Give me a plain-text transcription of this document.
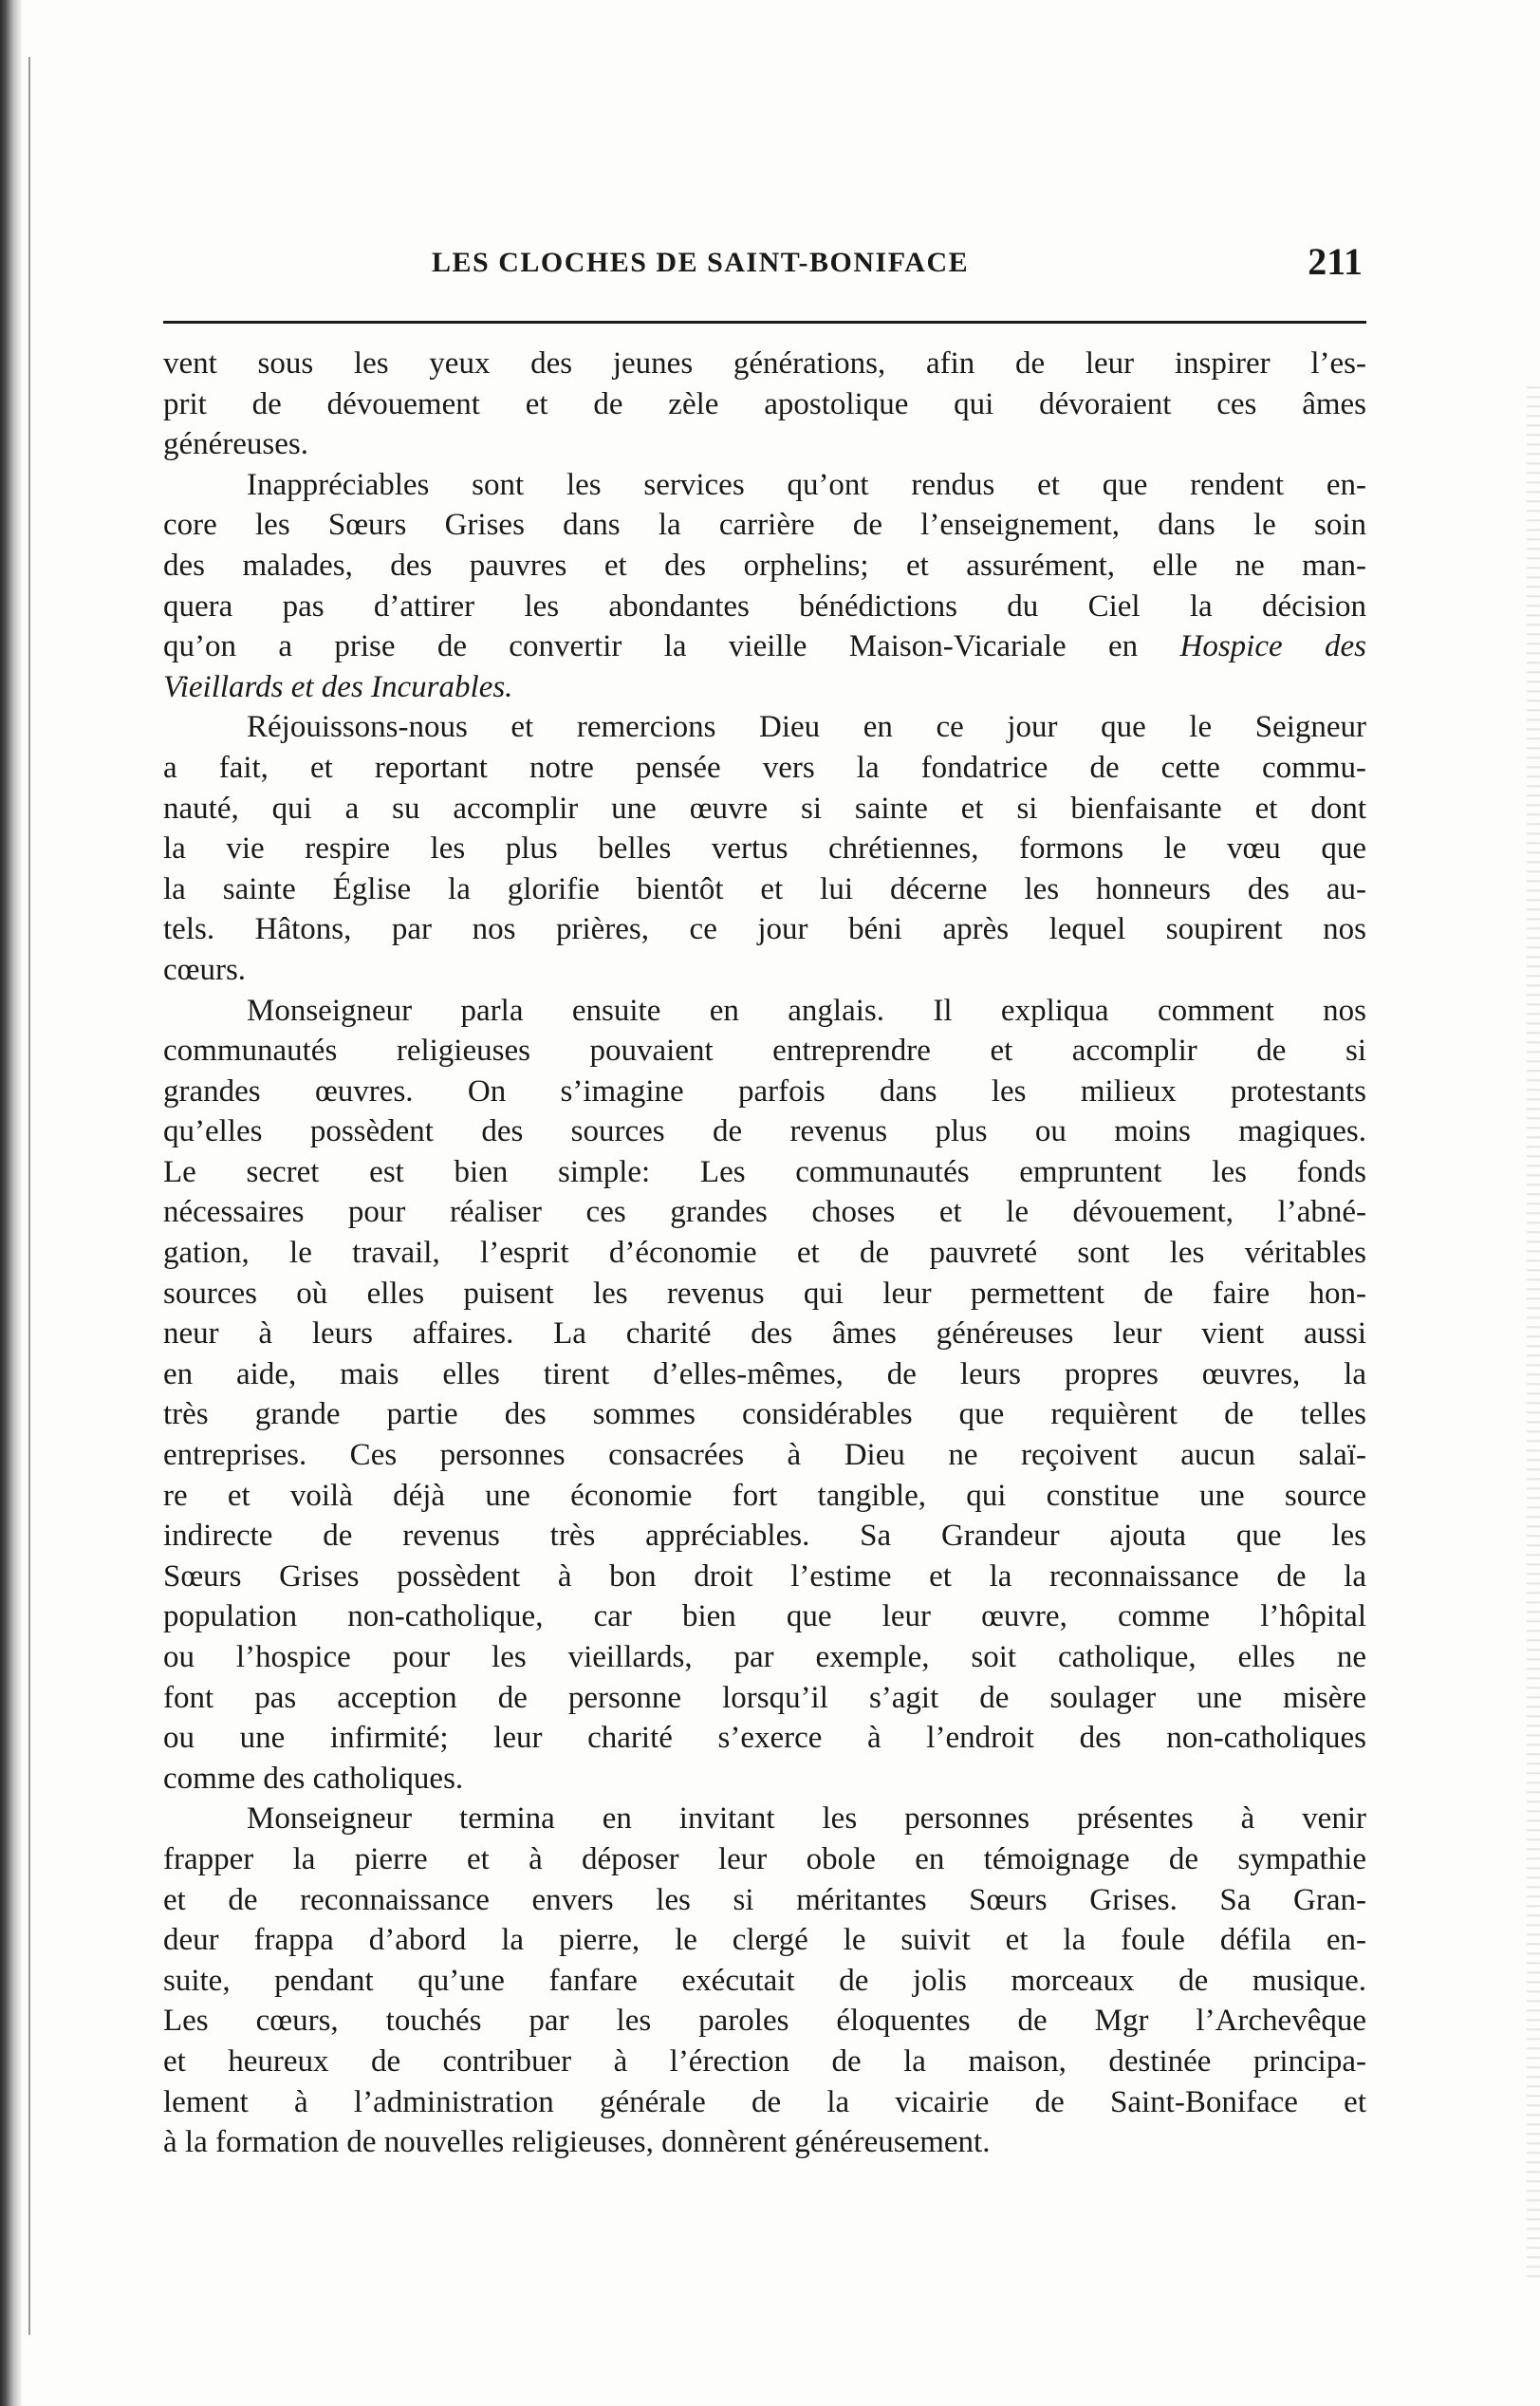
LES CLOCHES DE SAINT-BONIFACE	211
vent sous les yeux des jeunes générations, afin de leur inspirer l’es-
prit de dévouement et de zèle apostolique qui dévoraient ces âmes
généreuses.
Inappréciables sont les services qu’ont rendus et que rendent en-
core les Sœurs Grises dans la carrière de l’enseignement, dans le soin
des malades, des pauvres et des orphelins; et assurément, elle ne man-
quera pas d’attirer les abondantes bénédictions du Ciel la décision
qu’on a prise de convertir la vieille Maison-Vicariale en Hospice des
Vieillards et des Incurables.
Réjouissons-nous et remercions Dieu en ce jour que le Seigneur
a fait, et reportant notre pensée vers la fondatrice de cette commu-
nauté, qui a su accomplir une œuvre si sainte et si bienfaisante et dont
la vie respire les plus belles vertus chrétiennes, formons le vœu que
la sainte Église la glorifie bientôt et lui décerne les honneurs des au-
tels. Hâtons, par nos prières, ce jour béni après lequel soupirent nos
cœurs.
Monseigneur parla ensuite en anglais. Il expliqua comment nos
communautés religieuses pouvaient entreprendre et accomplir de si
grandes œuvres. On s’imagine parfois dans les milieux protestants
qu’elles possèdent des sources de revenus plus ou moins magiques.
Le secret est bien simple: Les communautés empruntent les fonds
nécessaires pour réaliser ces grandes choses et le dévouement, l’abné-
gation, le travail, l’esprit d’économie et de pauvreté sont les véritables
sources où elles puisent les revenus qui leur permettent de faire hon-
neur à leurs affaires. La charité des âmes généreuses leur vient aussi
en aide, mais elles tirent d’elles-mêmes, de leurs propres œuvres, la
très grande partie des sommes considérables que requièrent de telles
entreprises. Ces personnes consacrées à Dieu ne reçoivent aucun salaï-
re et voilà déjà une économie fort tangible, qui constitue une source
indirecte de revenus très appréciables. Sa Grandeur ajouta que les
Sœurs Grises possèdent à bon droit l’estime et la reconnaissance de la
population non-catholique, car bien que leur œuvre, comme l’hôpital
ou l’hospice pour les vieillards, par exemple, soit catholique, elles ne
font pas acception de personne lorsqu’il s’agit de soulager une misère
ou une infirmité; leur charité s’exerce à l’endroit des non-catholiques
comme des catholiques.
Monseigneur termina en invitant les personnes présentes à venir
frapper la pierre et à déposer leur obole en témoignage de sympathie
et de reconnaissance envers les si méritantes Sœurs Grises. Sa Gran-
deur frappa d’abord la pierre, le clergé le suivit et la foule défila en-
suite, pendant qu’une fanfare exécutait de jolis morceaux de musique.
Les cœurs, touchés par les paroles éloquentes de Mgr l’Archevêque
et heureux de contribuer à l’érection de la maison, destinée principa-
lement à l’administration générale de la vicairie de Saint-Boniface et
à la formation de nouvelles religieuses, donnèrent généreusement.
